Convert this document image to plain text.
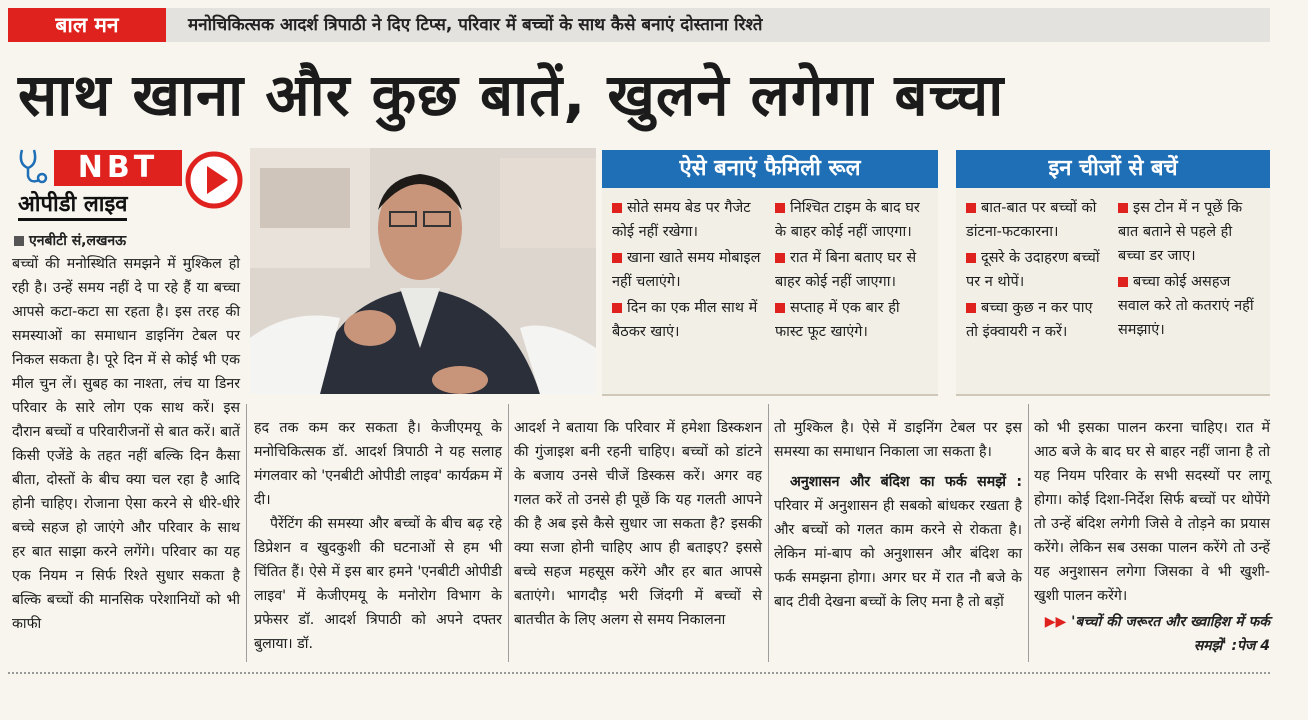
बाल मन	मनोचिकित्सक आदर्श त्रिपाठी ने दिए टिप्स, परिवार में बच्चों के साथ कैसे बनाएं दोस्ताना रिश्ते
साथ खाना और कुछ बातें, खुलने लगेगा बच्चा
NBT
ओपीडी लाइव
ऐसे बनाएं फैमिली रूल
सोते समय बेड पर गैजेट कोई नहीं रखेगा।
खाना खाते समय मोबाइल नहीं चलाएंगे।
दिन का एक मील साथ में बैठकर खाएं।
निश्चित टाइम के बाद घर के बाहर कोई नहीं जाएगा।
रात में बिना बताए घर से बाहर कोई नहीं जाएगा।
सप्ताह में एक बार ही फास्ट फूट खाएंगे।
इन चीजों से बचें
बात-बात पर बच्चों को डांटना-फटकारना।
दूसरे के उदाहरण बच्चों पर न थोपें।
बच्चा कुछ न कर पाए तो इंक्वायरी न करें।
इस टोन में न पूछें कि बात बताने से पहले ही बच्चा डर जाए।
बच्चा कोई असहज सवाल करे तो कतराएं नहीं समझाएं।
एनबीटी सं,लखनऊ
बच्चों की मनोस्थिति समझने में मुश्किल हो रही है। उन्हें समय नहीं दे पा रहे हैं या बच्चा आपसे कटा-कटा सा रहता है। इस तरह की समस्याओं का समाधान डाइनिंग टेबल पर निकल सकता है। पूरे दिन में से कोई भी एक मील चुन लें। सुबह का नाश्ता, लंच या डिनर परिवार के सारे लोग एक साथ करें। इस दौरान बच्चों व परिवारीजनों से बात करें। बातें किसी एजेंडे के तहत नहीं बल्कि दिन कैसा बीता, दोस्तों के बीच क्या चल रहा है आदि होनी चाहिए। रोजाना ऐसा करने से धीरे-धीरे बच्चे सहज हो जाएंगे और परिवार के साथ हर बात साझा करने लगेंगे। परिवार का यह एक नियम न सिर्फ रिश्ते सुधार सकता है बल्कि बच्चों की मानसिक परेशानियों को भी काफी

हद तक कम कर सकता है। केजीएमयू के मनोचिकित्सक डॉ. आदर्श त्रिपाठी ने यह सलाह मंगलवार को 'एनबीटी ओपीडी लाइव' कार्यक्रम में दी।

पैरेंटिंग की समस्या और बच्चों के बीच बढ़ रहे डिप्रेशन व खुदकुशी की घटनाओं से हम भी चिंतित हैं। ऐसे में इस बार हमने 'एनबीटी ओपीडी लाइव' में केजीएमयू के मनोरोग विभाग के प्रफेसर डॉ. आदर्श त्रिपाठी को अपने दफ्तर बुलाया। डॉ.

आदर्श ने बताया कि परिवार में हमेशा डिस्कशन की गुंजाइश बनी रहनी चाहिए। बच्चों को डांटने के बजाय उनसे चीजें डिस्कस करें। अगर वह गलत करें तो उनसे ही पूछें कि यह गलती आपने की है अब इसे कैसे सुधार जा सकता है? इसकी क्या सजा होनी चाहिए आप ही बताइए? इससे बच्चे सहज महसूस करेंगे और हर बात आपसे बताएंगे। भागदौड़ भरी जिंदगी में बच्चों से बातचीत के लिए अलग से समय निकालना

तो मुश्किल है। ऐसे में डाइनिंग टेबल पर इस समस्या का समाधान निकाला जा सकता है।

अनुशासन और बंदिश का फर्क समझें : परिवार में अनुशासन ही सबको बांधकर रखता है और बच्चों को गलत काम करने से रोकता है। लेकिन मां-बाप को अनुशासन और बंदिश का फर्क समझना होगा। अगर घर में रात नौ बजे के बाद टीवी देखना बच्चों के लिए मना है तो बड़ों

को भी इसका पालन करना चाहिए। रात में आठ बजे के बाद घर से बाहर नहीं जाना है तो यह नियम परिवार के सभी सदस्यों पर लागू होगा। कोई दिशा-निर्देश सिर्फ बच्चों पर थोपेंगे तो उन्हें बंदिश लगेगी जिसे वे तोड़ने का प्रयास करेंगे। लेकिन सब उसका पालन करेंगे तो उन्हें यह अनुशासन लगेगा जिसका वे भी खुशी-खुशी पालन करेंगे।

▶▶ 'बच्चों की जरूरत और ख्वाहिश में फर्क समझें' :पेज 4
